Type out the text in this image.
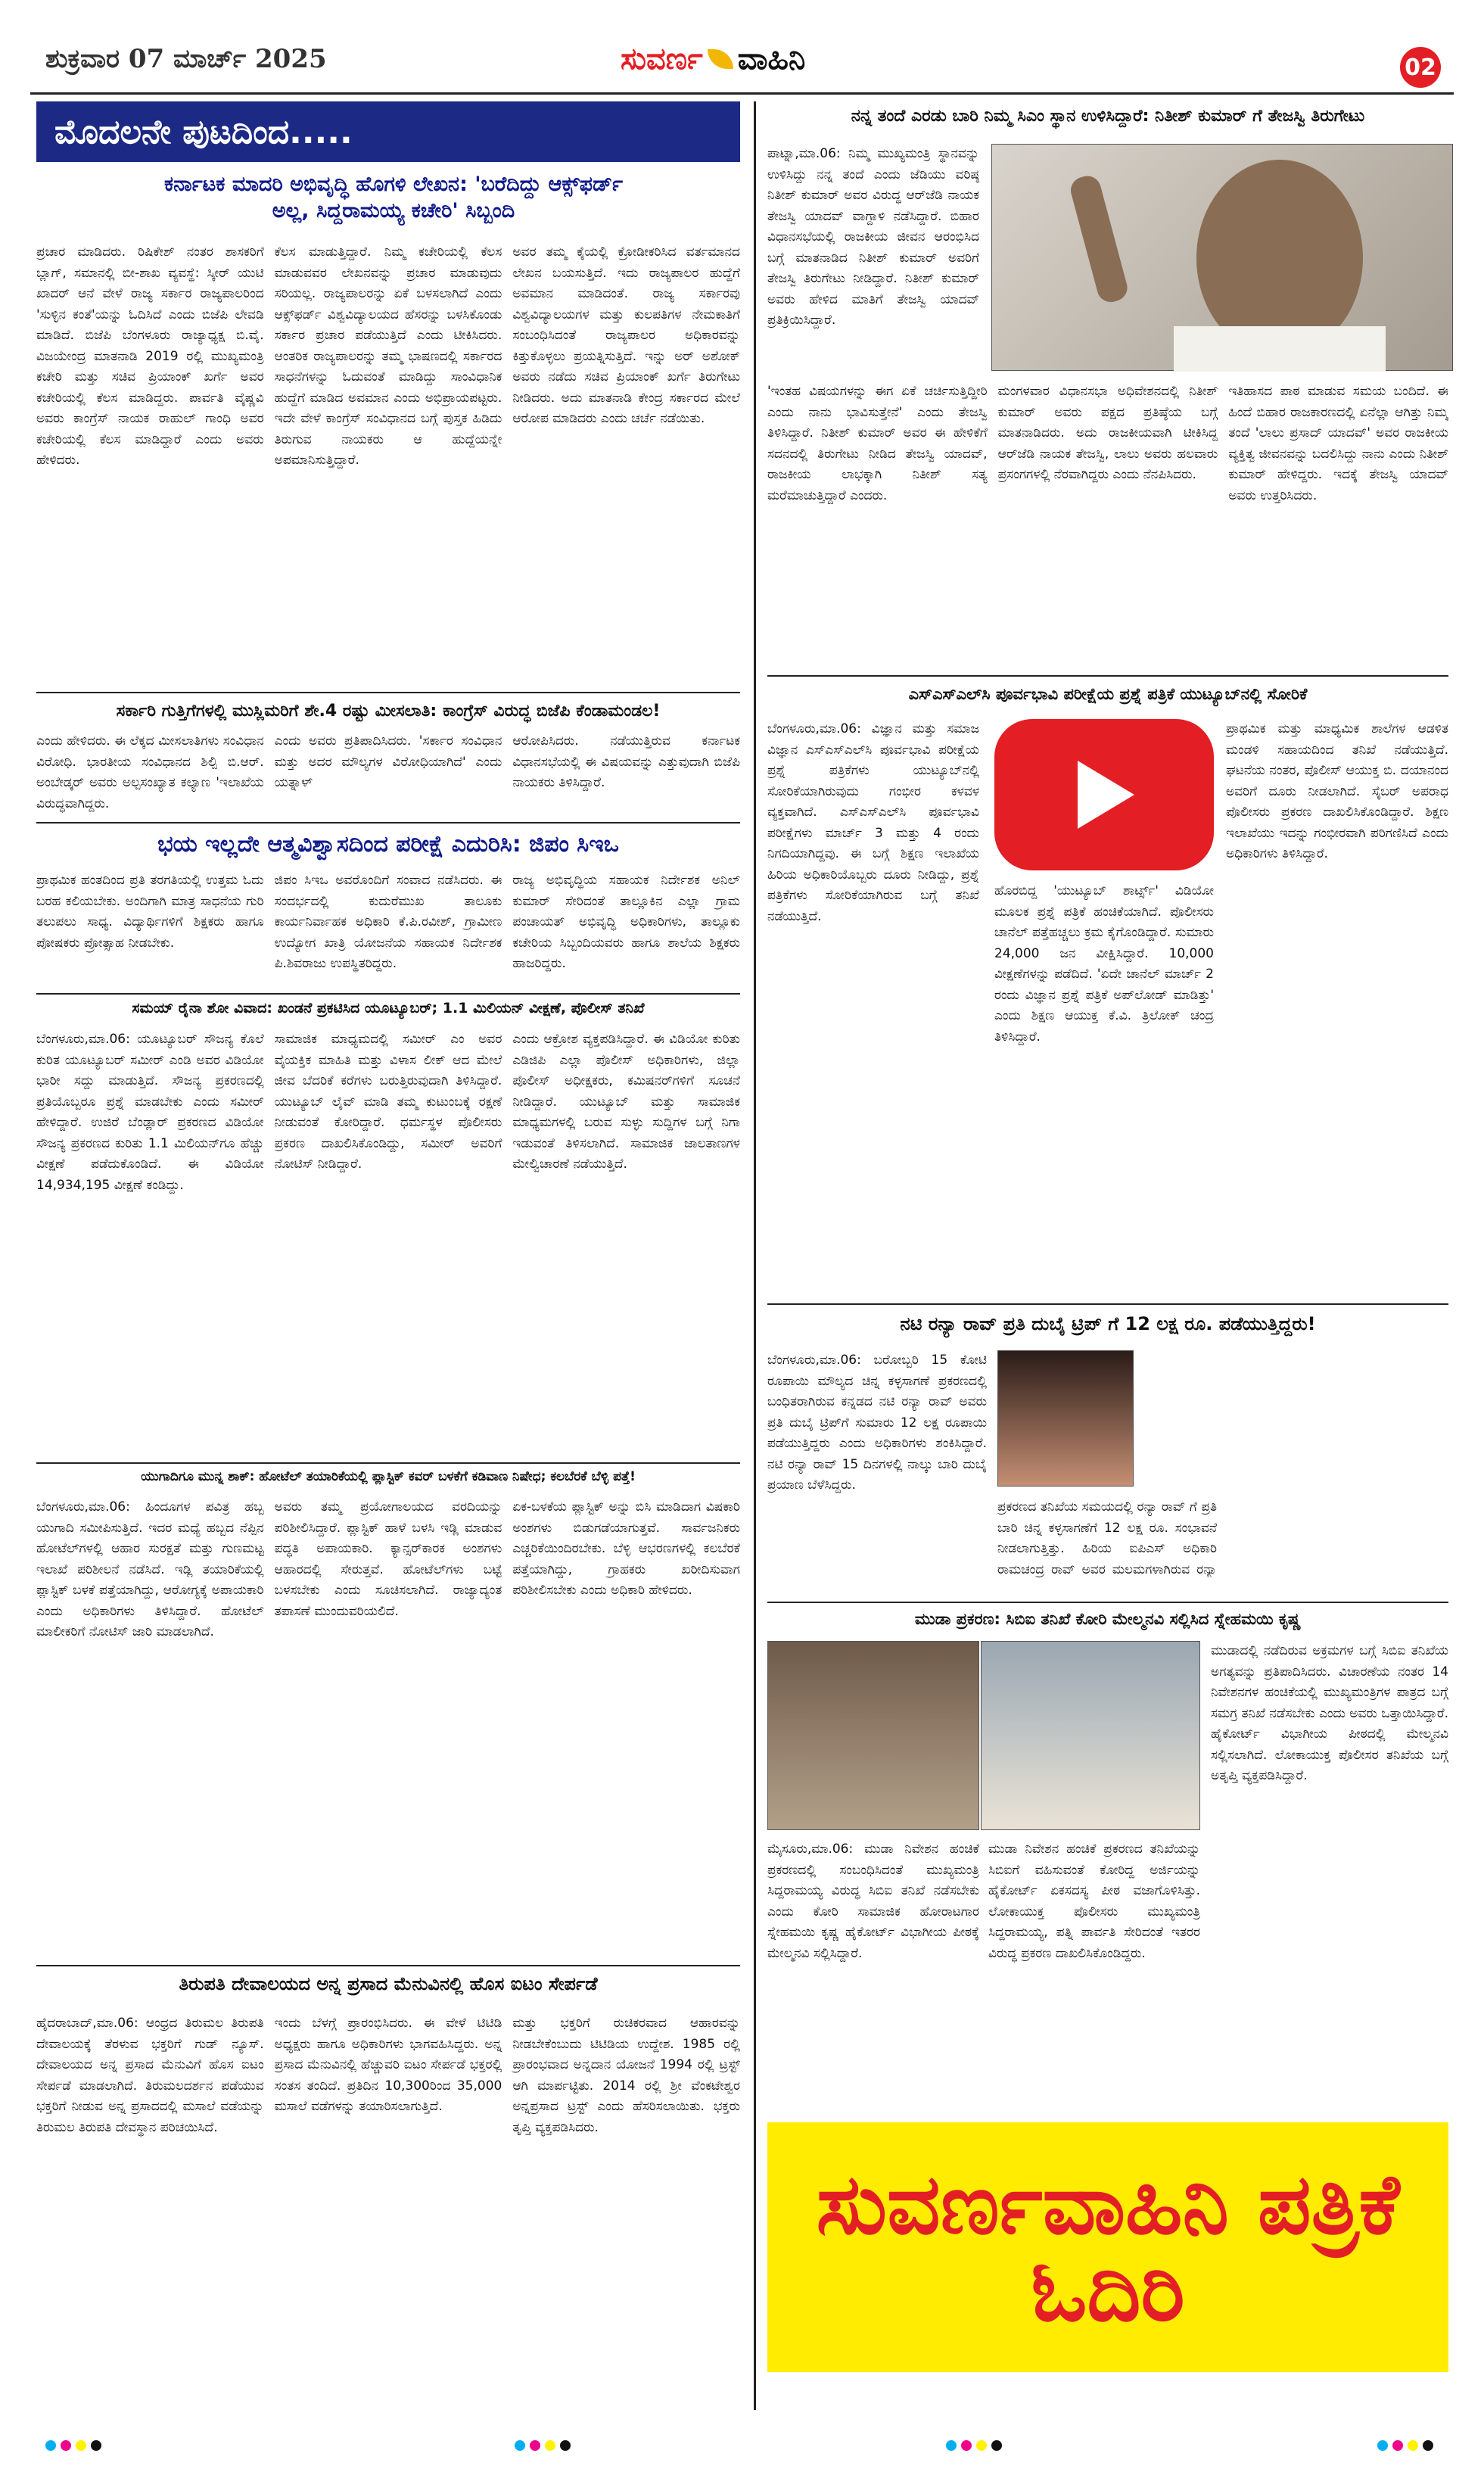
ಶುಕ್ರವಾರ 07 ಮಾರ್ಚ್ 2025	ಸುವರ್ಣ ವಾಹಿನಿ	02
ಮೊದಲನೇ ಪುಟದಿಂದ.....
ಕರ್ನಾಟಕ ಮಾದರಿ ಅಭಿವೃದ್ಧಿ ಹೊಗಳಿ ಲೇಖನ: 'ಬರೆದಿದ್ದು ಆಕ್ಸ್‌ಫರ್ಡ್ ಅಲ್ಲ, ಸಿದ್ದರಾಮಯ್ಯ ಕಚೇರಿ' ಸಿಬ್ಬಂದಿ

ಪ್ರಚಾರ ಮಾಡಿದರು. ರಿಷಿಕೇಶ್ ನಂತರ ಶಾಸಕರಿಗೆ ಬ್ಲಾಗ್, ಸಮಾನಲ್ಲಿ ಬೀ-ಶಾಖ ವ್ಯವಸ್ಥೆ: ಸ್ಕೀರ್ ಯುಟಿ ಖಾದರ್ ಆನೆ ವೇಳೆ ರಾಜ್ಯ ಸರ್ಕಾರ ರಾಜ್ಯಪಾಲರಿಂದ 'ಸುಳ್ಳಿನ ಕಂತೆ'ಯನ್ನು ಓದಿಸಿದೆ ಎಂದು ಬಿಜೆಪಿ ಲೇವಡಿ ಮಾಡಿದೆ. ಬಿಜೆಪಿ ಬೆಂಗಳೂರು ರಾಜ್ಯಾಧ್ಯಕ್ಷ ಬಿ.ವೈ. ವಿಜಯೇಂದ್ರ ಮಾತನಾಡಿ 2019 ರಲ್ಲಿ ಮುಖ್ಯಮಂತ್ರಿ ಕಚೇರಿ ಮತ್ತು ಸಚಿವ ಪ್ರಿಯಾಂಕ್ ಖರ್ಗೆ ಅವರ ಕಚೇರಿಯಲ್ಲಿ ಕೆಲಸ ಮಾಡಿದ್ದರು. ಪಾರ್ವತಿ ವೈಷ್ಣವಿ ಅವರು ಕಾಂಗ್ರೆಸ್ ನಾಯಕ ರಾಹುಲ್ ಗಾಂಧಿ ಅವರ ಕಚೇರಿಯಲ್ಲಿ ಕೆಲಸ ಮಾಡಿದ್ದಾರೆ ಎಂದು ಅವರು ಹೇಳಿದರು.

ಕೆಲಸ ಮಾಡುತ್ತಿದ್ದಾರೆ. ನಿಮ್ಮ ಕಚೇರಿಯಲ್ಲಿ ಕೆಲಸ ಮಾಡುವವರ ಲೇಖನವನ್ನು ಪ್ರಚಾರ ಮಾಡುವುದು ಸರಿಯಲ್ಲ. ರಾಜ್ಯಪಾಲರನ್ನು ಏಕೆ ಬಳಸಲಾಗಿದೆ ಎಂದು ಆಕ್ಸ್‌ಫರ್ಡ್ ವಿಶ್ವವಿದ್ಯಾಲಯದ ಹೆಸರನ್ನು ಬಳಸಿಕೊಂಡು ಸರ್ಕಾರ ಪ್ರಚಾರ ಪಡೆಯುತ್ತಿದೆ ಎಂದು ಟೀಕಿಸಿದರು. ಆಂತರಿಕ ರಾಜ್ಯಪಾಲರನ್ನು ತಮ್ಮ ಭಾಷಣದಲ್ಲಿ ಸರ್ಕಾರದ ಸಾಧನೆಗಳನ್ನು ಓದುವಂತೆ ಮಾಡಿದ್ದು ಸಾಂವಿಧಾನಿಕ ಹುದ್ದೆಗೆ ಮಾಡಿದ ಅವಮಾನ ಎಂದು ಅಭಿಪ್ರಾಯಪಟ್ಟರು. ಇದೇ ವೇಳೆ ಕಾಂಗ್ರೆಸ್ ಸಂವಿಧಾನದ ಬಗ್ಗೆ ಪುಸ್ತಕ ಹಿಡಿದು ತಿರುಗುವ ನಾಯಕರು ಆ ಹುದ್ದೆಯನ್ನೇ ಅಪಮಾನಿಸುತ್ತಿದ್ದಾರೆ.

ಅವರ ತಮ್ಮ ಕೈಯಲ್ಲಿ ಕ್ರೋಡೀಕರಿಸಿದ ವರ್ತಮಾನದ ಲೇಖನ ಬಯಸುತ್ತಿದೆ. ಇದು ರಾಜ್ಯಪಾಲರ ಹುದ್ದೆಗೆ ಅವಮಾನ ಮಾಡಿದಂತೆ. ರಾಜ್ಯ ಸರ್ಕಾರವು ವಿಶ್ವವಿದ್ಯಾಲಯಗಳ ಮತ್ತು ಕುಲಪತಿಗಳ ನೇಮಕಾತಿಗೆ ಸಂಬಂಧಿಸಿದಂತೆ ರಾಜ್ಯಪಾಲರ ಅಧಿಕಾರವನ್ನು ಕಿತ್ತುಕೊಳ್ಳಲು ಪ್ರಯತ್ನಿಸುತ್ತಿದೆ. ಇನ್ನು ಅರ್ ಅಶೋಕ್ ಅವರು ನಡೆದು ಸಚಿವ ಪ್ರಿಯಾಂಕ್ ಖರ್ಗೆ ತಿರುಗೇಟು ನೀಡಿದರು. ಅದು ಮಾತನಾಡಿ ಕೇಂದ್ರ ಸರ್ಕಾರದ ಮೇಲೆ ಆರೋಪ ಮಾಡಿದರು ಎಂದು ಚರ್ಚೆ ನಡೆಯಿತು.

ಸರ್ಕಾರಿ ಗುತ್ತಿಗೆಗಳಲ್ಲಿ ಮುಸ್ಲಿಮರಿಗೆ ಶೇ.4 ರಷ್ಟು ಮೀಸಲಾತಿ: ಕಾಂಗ್ರೆಸ್ ವಿರುದ್ಧ ಬಿಜೆಪಿ ಕೆಂಡಾಮಂಡಲ!

ಎಂದು ಹೇಳಿದರು. ಈ ಲೆಕ್ಕದ ಮೀಸಲಾತಿಗಳು ಸಂವಿಧಾನ ವಿರೋಧಿ. ಭಾರತೀಯ ಸಂವಿಧಾನದ ಶಿಲ್ಪಿ ಬಿ.ಆರ್. ಅಂಬೇಡ್ಕರ್ ಅವರು ಅಲ್ಪಸಂಖ್ಯಾತ ಕಲ್ಯಾಣ 'ಇಲಾಖೆಯ ವಿರುದ್ಧವಾಗಿದ್ದರು.

ಎಂದು ಅವರು ಪ್ರತಿಪಾದಿಸಿದರು. 'ಸರ್ಕಾರ ಸಂವಿಧಾನ ಮತ್ತು ಅದರ ಮೌಲ್ಯಗಳ ವಿರೋಧಿಯಾಗಿದೆ' ಎಂದು ಯತ್ನಾಳ್

ಆರೋಪಿಸಿದರು. ನಡೆಯುತ್ತಿರುವ ಕರ್ನಾಟಕ ವಿಧಾನಸಭೆಯಲ್ಲಿ ಈ ವಿಷಯವನ್ನು ಎತ್ತುವುದಾಗಿ ಬಿಜೆಪಿ ನಾಯಕರು ತಿಳಿಸಿದ್ದಾರೆ.

ಭಯ ಇಲ್ಲದೇ ಆತ್ಮವಿಶ್ವಾಸದಿಂದ ಪರೀಕ್ಷೆ ಎದುರಿಸಿ: ಜಿಪಂ ಸಿಇಒ

ಪ್ರಾಥಮಿಕ ಹಂತದಿಂದ ಪ್ರತಿ ತರಗತಿಯಲ್ಲಿ ಉತ್ತಮ ಓದು ಬರಹ ಕಲಿಯಬೇಕು. ಅಂದಿಗಾಗಿ ಮಾತ್ರ ಸಾಧನೆಯ ಗುರಿ ತಲುಪಲು ಸಾಧ್ಯ. ವಿದ್ಯಾರ್ಥಿಗಳಿಗೆ ಶಿಕ್ಷಕರು ಹಾಗೂ ಪೋಷಕರು ಪ್ರೋತ್ಸಾಹ ನೀಡಬೇಕು.

ಜಿಪಂ ಸಿಇಒ ಅವರೊಂದಿಗೆ ಸಂವಾದ ನಡೆಸಿದರು. ಈ ಸಂದರ್ಭದಲ್ಲಿ ಕುದುರೆಮುಖ ತಾಲೂಕು ಕಾರ್ಯನಿರ್ವಾಹಕ ಅಧಿಕಾರಿ ಕೆ.ಪಿ.ರವೀಶ್, ಗ್ರಾಮೀಣ ಉದ್ಯೋಗ ಖಾತ್ರಿ ಯೋಜನೆಯ ಸಹಾಯಕ ನಿರ್ದೇಶಕ ಪಿ.ಶಿವರಾಜು ಉಪಸ್ಥಿತರಿದ್ದರು.

ರಾಜ್ಯ ಅಭಿವೃದ್ಧಿಯ ಸಹಾಯಕ ನಿರ್ದೇಶಕ ಅನಿಲ್ ಕುಮಾರ್ ಸೇರಿದಂತೆ ತಾಲ್ಲೂಕಿನ ಎಲ್ಲಾ ಗ್ರಾಮ ಪಂಚಾಯತ್ ಅಭಿವೃದ್ಧಿ ಅಧಿಕಾರಿಗಳು, ತಾಲ್ಲೂಕು ಕಚೇರಿಯ ಸಿಬ್ಬಂದಿಯವರು ಹಾಗೂ ಶಾಲೆಯ ಶಿಕ್ಷಕರು ಹಾಜರಿದ್ದರು.

ಸಮಯ್ ರೈನಾ ಶೋ ವಿವಾದ: ಖಂಡನೆ ಪ್ರಕಟಿಸಿದ ಯೂಟ್ಯೂಬರ್; 1.1 ಮಿಲಿಯನ್ ವೀಕ್ಷಣೆ, ಪೊಲೀಸ್ ತನಿಖೆ

ಬೆಂಗಳೂರು,ಮಾ.06: ಯೂಟ್ಯೂಬರ್ ಸೌಜನ್ಯ ಕೊಲೆ ಕುರಿತ ಯೂಟ್ಯೂಬರ್ ಸಮೀರ್ ಎಂಡಿ ಅವರ ವಿಡಿಯೋ ಭಾರೀ ಸದ್ದು ಮಾಡುತ್ತಿದೆ. ಸೌಜನ್ಯ ಪ್ರಕರಣದಲ್ಲಿ ಪ್ರತಿಯೊಬ್ಬರೂ ಪ್ರಶ್ನೆ ಮಾಡಬೇಕು ಎಂದು ಸಮೀರ್ ಹೇಳಿದ್ದಾರೆ. ಉಜಿರೆ ಬೆಂಡ್ಲಾರ್ ಪ್ರಕರಣದ ವಿಡಿಯೋ ಸೌಜನ್ಯ ಪ್ರಕರಣದ ಕುರಿತು 1.1 ಮಿಲಿಯನ್‌ಗೂ ಹೆಚ್ಚು ವೀಕ್ಷಣೆ ಪಡೆದುಕೊಂಡಿದೆ. ಈ ವಿಡಿಯೋ 14,934,195 ವೀಕ್ಷಣೆ ಕಂಡಿದ್ದು.

ಸಾಮಾಜಿಕ ಮಾಧ್ಯಮದಲ್ಲಿ ಸಮೀರ್ ಎಂ ಅವರ ವೈಯಕ್ತಿಕ ಮಾಹಿತಿ ಮತ್ತು ವಿಳಾಸ ಲೀಕ್ ಆದ ಮೇಲೆ ಜೀವ ಬೆದರಿಕೆ ಕರೆಗಳು ಬರುತ್ತಿರುವುದಾಗಿ ತಿಳಿಸಿದ್ದಾರೆ. ಯುಟ್ಯೂಬ್ ಲೈವ್ ಮಾಡಿ ತಮ್ಮ ಕುಟುಂಬಕ್ಕೆ ರಕ್ಷಣೆ ನೀಡುವಂತೆ ಕೋರಿದ್ದಾರೆ. ಧರ್ಮಸ್ಥಳ ಪೊಲೀಸರು ಪ್ರಕರಣ ದಾಖಲಿಸಿಕೊಂಡಿದ್ದು, ಸಮೀರ್ ಅವರಿಗೆ ನೋಟಿಸ್ ನೀಡಿದ್ದಾರೆ.

ಎಂದು ಆಕ್ರೋಶ ವ್ಯಕ್ತಪಡಿಸಿದ್ದಾರೆ. ಈ ವಿಡಿಯೋ ಕುರಿತು ಎಡಿಜಿಪಿ ಎಲ್ಲಾ ಪೊಲೀಸ್ ಅಧಿಕಾರಿಗಳು, ಜಿಲ್ಲಾ ಪೊಲೀಸ್ ಅಧೀಕ್ಷಕರು, ಕಮಿಷನರ್‌ಗಳಿಗೆ ಸೂಚನೆ ನೀಡಿದ್ದಾರೆ. ಯುಟ್ಯೂಬ್ ಮತ್ತು ಸಾಮಾಜಿಕ ಮಾಧ್ಯಮಗಳಲ್ಲಿ ಬರುವ ಸುಳ್ಳು ಸುದ್ದಿಗಳ ಬಗ್ಗೆ ನಿಗಾ ಇಡುವಂತೆ ತಿಳಿಸಲಾಗಿದೆ. ಸಾಮಾಜಿಕ ಜಾಲತಾಣಗಳ ಮೇಲ್ವಿಚಾರಣೆ ನಡೆಯುತ್ತಿದೆ.

ಯುಗಾದಿಗೂ ಮುನ್ನ ಶಾಕ್: ಹೋಟೆಲ್ ತಯಾರಿಕೆಯಲ್ಲಿ ಪ್ಲಾಸ್ಟಿಕ್ ಕವರ್ ಬಳಕೆಗೆ ಕಡಿವಾಣ ನಿಷೇಧ; ಕಲಬೆರಕೆ ಬೆಳ್ಳಿ ಪತ್ತೆ!

ಬೆಂಗಳೂರು,ಮಾ.06: ಹಿಂದೂಗಳ ಪವಿತ್ರ ಹಬ್ಬ ಯುಗಾದಿ ಸಮೀಪಿಸುತ್ತಿದೆ. ಇದರ ಮಧ್ಯೆ ಹಬ್ಬದ ನೆಪ್ಪಿನ ಹೋಟೆಲ್‌ಗಳಲ್ಲಿ ಆಹಾರ ಸುರಕ್ಷತೆ ಮತ್ತು ಗುಣಮಟ್ಟ ಇಲಾಖೆ ಪರಿಶೀಲನೆ ನಡೆಸಿದೆ. ಇಡ್ಲಿ ತಯಾರಿಕೆಯಲ್ಲಿ ಪ್ಲಾಸ್ಟಿಕ್ ಬಳಕೆ ಪತ್ತೆಯಾಗಿದ್ದು, ಆರೋಗ್ಯಕ್ಕೆ ಅಪಾಯಕಾರಿ ಎಂದು ಅಧಿಕಾರಿಗಳು ತಿಳಿಸಿದ್ದಾರೆ. ಹೋಟೆಲ್ ಮಾಲೀಕರಿಗೆ ನೋಟಿಸ್ ಜಾರಿ ಮಾಡಲಾಗಿದೆ.

ಅವರು ತಮ್ಮ ಪ್ರಯೋಗಾಲಯದ ವರದಿಯನ್ನು ಪರಿಶೀಲಿಸಿದ್ದಾರೆ. ಪ್ಲಾಸ್ಟಿಕ್ ಹಾಳೆ ಬಳಸಿ ಇಡ್ಲಿ ಮಾಡುವ ಪದ್ಧತಿ ಅಪಾಯಕಾರಿ. ಕ್ಯಾನ್ಸರ್‌ಕಾರಕ ಅಂಶಗಳು ಆಹಾರದಲ್ಲಿ ಸೇರುತ್ತವೆ. ಹೋಟೆಲ್‌ಗಳು ಬಟ್ಟೆ ಬಳಸಬೇಕು ಎಂದು ಸೂಚಿಸಲಾಗಿದೆ. ರಾಜ್ಯಾದ್ಯಂತ ತಪಾಸಣೆ ಮುಂದುವರಿಯಲಿದೆ.

ಏಕ-ಬಳಕೆಯ ಪ್ಲಾಸ್ಟಿಕ್ ಅನ್ನು ಬಿಸಿ ಮಾಡಿದಾಗ ವಿಷಕಾರಿ ಅಂಶಗಳು ಬಿಡುಗಡೆಯಾಗುತ್ತವೆ. ಸಾರ್ವಜನಿಕರು ಎಚ್ಚರಿಕೆಯಿಂದಿರಬೇಕು. ಬೆಳ್ಳಿ ಆಭರಣಗಳಲ್ಲಿ ಕಲಬೆರಕೆ ಪತ್ತೆಯಾಗಿದ್ದು, ಗ್ರಾಹಕರು ಖರೀದಿಸುವಾಗ ಪರಿಶೀಲಿಸಬೇಕು ಎಂದು ಅಧಿಕಾರಿ ಹೇಳಿದರು.

ತಿರುಪತಿ ದೇವಾಲಯದ ಅನ್ನ ಪ್ರಸಾದ ಮೆನುವಿನಲ್ಲಿ ಹೊಸ ಐಟಂ ಸೇರ್ಪಡೆ

ಹೈದರಾಬಾದ್,ಮಾ.06: ಆಂಧ್ರದ ತಿರುಮಲ ತಿರುಪತಿ ದೇವಾಲಯಕ್ಕೆ ತೆರಳುವ ಭಕ್ತರಿಗೆ ಗುಡ್ ನ್ಯೂಸ್. ದೇವಾಲಯದ ಅನ್ನ ಪ್ರಸಾದ ಮೆನುವಿಗೆ ಹೊಸ ಐಟಂ ಸೇರ್ಪಡೆ ಮಾಡಲಾಗಿದೆ. ತಿರುಮಲದರ್ಶನ ಪಡೆಯುವ ಭಕ್ತರಿಗೆ ನೀಡುವ ಅನ್ನ ಪ್ರಸಾದದಲ್ಲಿ ಮಸಾಲೆ ವಡೆಯನ್ನು ತಿರುಮಲ ತಿರುಪತಿ ದೇವಸ್ಥಾನ ಪರಿಚಯಿಸಿದೆ.

ಇಂದು ಬೆಳಗ್ಗೆ ಪ್ರಾರಂಭಿಸಿದರು. ಈ ವೇಳೆ ಟಿಟಿಡಿ ಅಧ್ಯಕ್ಷರು ಹಾಗೂ ಅಧಿಕಾರಿಗಳು ಭಾಗವಹಿಸಿದ್ದರು. ಅನ್ನ ಪ್ರಸಾದ ಮೆನುವಿನಲ್ಲಿ ಹೆಚ್ಚುವರಿ ಐಟಂ ಸೇರ್ಪಡೆ ಭಕ್ತರಲ್ಲಿ ಸಂತಸ ತಂದಿದೆ. ಪ್ರತಿದಿನ 10,300ರಿಂದ 35,000 ಮಸಾಲೆ ವಡೆಗಳನ್ನು ತಯಾರಿಸಲಾಗುತ್ತಿದೆ.

ಮತ್ತು ಭಕ್ತರಿಗೆ ರುಚಿಕರವಾದ ಆಹಾರವನ್ನು ನೀಡಬೇಕೆಂಬುದು ಟಿಟಿಡಿಯ ಉದ್ದೇಶ. 1985 ರಲ್ಲಿ ಪ್ರಾರಂಭವಾದ ಅನ್ನದಾನ ಯೋಜನೆ 1994 ರಲ್ಲಿ ಟ್ರಸ್ಟ್ ಆಗಿ ಮಾರ್ಪಟ್ಟಿತು. 2014 ರಲ್ಲಿ ಶ್ರೀ ವೆಂಕಟೇಶ್ವರ ಅನ್ನಪ್ರಸಾದ ಟ್ರಸ್ಟ್ ಎಂದು ಹೆಸರಿಸಲಾಯಿತು. ಭಕ್ತರು ತೃಪ್ತಿ ವ್ಯಕ್ತಪಡಿಸಿದರು.

ನನ್ನ ತಂದೆ ಎರಡು ಬಾರಿ ನಿಮ್ಮ ಸಿಎಂ ಸ್ಥಾನ ಉಳಿಸಿದ್ದಾರೆ: ನಿತೀಶ್ ಕುಮಾರ್ ಗೆ ತೇಜಸ್ವಿ ತಿರುಗೇಟು

ಪಾಟ್ನಾ,ಮಾ.06: ನಿಮ್ಮ ಮುಖ್ಯಮಂತ್ರಿ ಸ್ಥಾನವನ್ನು ಉಳಿಸಿದ್ದು ನನ್ನ ತಂದೆ ಎಂದು ಜೆಡಿಯು ವರಿಷ್ಠ ನಿತೀಶ್ ಕುಮಾರ್ ಅವರ ವಿರುದ್ಧ ಆರ್‌ಜೆಡಿ ನಾಯಕ ತೇಜಸ್ವಿ ಯಾದವ್ ವಾಗ್ದಾಳಿ ನಡೆಸಿದ್ದಾರೆ. ಬಿಹಾರ ವಿಧಾನಸಭೆಯಲ್ಲಿ ರಾಜಕೀಯ ಜೀವನ ಆರಂಭಿಸಿದ ಬಗ್ಗೆ ಮಾತನಾಡಿದ ನಿತೀಶ್ ಕುಮಾರ್ ಅವರಿಗೆ ತೇಜಸ್ವಿ ತಿರುಗೇಟು ನೀಡಿದ್ದಾರೆ. ನಿತೀಶ್ ಕುಮಾರ್ ಅವರು ಹೇಳಿದ ಮಾತಿಗೆ ತೇಜಸ್ವಿ ಯಾದವ್ ಪ್ರತಿಕ್ರಿಯಿಸಿದ್ದಾರೆ.

'ಇಂತಹ ವಿಷಯಗಳನ್ನು ಈಗ ಏಕೆ ಚರ್ಚಿಸುತ್ತಿದ್ದೀರಿ ಎಂದು ನಾನು ಭಾವಿಸುತ್ತೇನೆ' ಎಂದು ತೇಜಸ್ವಿ ತಿಳಿಸಿದ್ದಾರೆ. ನಿತೀಶ್ ಕುಮಾರ್ ಅವರ ಈ ಹೇಳಿಕೆಗೆ ಸದನದಲ್ಲಿ ತಿರುಗೇಟು ನೀಡಿದ ತೇಜಸ್ವಿ ಯಾದವ್, ರಾಜಕೀಯ ಲಾಭಕ್ಕಾಗಿ ನಿತೀಶ್ ಸತ್ಯ ಮರೆಮಾಚುತ್ತಿದ್ದಾರೆ ಎಂದರು.

ಮಂಗಳವಾರ ವಿಧಾನಸಭಾ ಅಧಿವೇಶನದಲ್ಲಿ ನಿತೀಶ್ ಕುಮಾರ್ ಅವರು ಪಕ್ಷದ ಪ್ರತಿಷ್ಠೆಯ ಬಗ್ಗೆ ಮಾತನಾಡಿದರು. ಅದು ರಾಜಕೀಯವಾಗಿ ಟೀಕಿಸಿದ್ದ ಆರ್‌ಜೆಡಿ ನಾಯಕ ತೇಜಸ್ವಿ, ಲಾಲು ಅವರು ಹಲವಾರು ಪ್ರಸಂಗಗಳಲ್ಲಿ ನೆರವಾಗಿದ್ದರು ಎಂದು ನೆನಪಿಸಿದರು.

ಇತಿಹಾಸದ ಪಾಠ ಮಾಡುವ ಸಮಯ ಬಂದಿದೆ. ಈ ಹಿಂದೆ ಬಿಹಾರ ರಾಜಕಾರಣದಲ್ಲಿ ಏನೆಲ್ಲಾ ಆಗಿತ್ತು ನಿಮ್ಮ ತಂದೆ 'ಲಾಲು ಪ್ರಸಾದ್ ಯಾದವ್' ಅವರ ರಾಜಕೀಯ ವ್ಯಕ್ತಿತ್ವ ಜೀವನವನ್ನು ಬದಲಿಸಿದ್ದು ನಾನು ಎಂದು ನಿತೀಶ್ ಕುಮಾರ್ ಹೇಳಿದ್ದರು. ಇದಕ್ಕೆ ತೇಜಸ್ವಿ ಯಾದವ್ ಅವರು ಉತ್ತರಿಸಿದರು.

ಎಸ್ಎಸ್ಎಲ್‌ಸಿ ಪೂರ್ವಭಾವಿ ಪರೀಕ್ಷೆಯ ಪ್ರಶ್ನೆ ಪತ್ರಿಕೆ ಯುಟ್ಯೂಬ್‌ನಲ್ಲಿ ಸೋರಿಕೆ

ಬೆಂಗಳೂರು,ಮಾ.06: ವಿಜ್ಞಾನ ಮತ್ತು ಸಮಾಜ ವಿಜ್ಞಾನ ಎಸ್ಎಸ್ಎಲ್‌ಸಿ ಪೂರ್ವಭಾವಿ ಪರೀಕ್ಷೆಯ ಪ್ರಶ್ನೆ ಪತ್ರಿಕೆಗಳು ಯುಟ್ಯೂಬ್‌ನಲ್ಲಿ ಸೋರಿಕೆಯಾಗಿರುವುದು ಗಂಭೀರ ಕಳವಳ ವ್ಯಕ್ತವಾಗಿದೆ. ಎಸ್ಎಸ್ಎಲ್‌ಸಿ ಪೂರ್ವಭಾವಿ ಪರೀಕ್ಷೆಗಳು ಮಾರ್ಚ್ 3 ಮತ್ತು 4 ರಂದು ನಿಗದಿಯಾಗಿದ್ದವು. ಈ ಬಗ್ಗೆ ಶಿಕ್ಷಣ ಇಲಾಖೆಯ ಹಿರಿಯ ಅಧಿಕಾರಿಯೊಬ್ಬರು ದೂರು ನೀಡಿದ್ದು, ಪ್ರಶ್ನೆ ಪತ್ರಿಕೆಗಳು ಸೋರಿಕೆಯಾಗಿರುವ ಬಗ್ಗೆ ತನಿಖೆ ನಡೆಯುತ್ತಿದೆ.

ಹೊರಬಿದ್ದ 'ಯುಟ್ಯೂಬ್ ಶಾರ್ಟ್ಸ್' ವಿಡಿಯೋ ಮೂಲಕ ಪ್ರಶ್ನೆ ಪತ್ರಿಕೆ ಹಂಚಿಕೆಯಾಗಿದೆ. ಪೊಲೀಸರು ಚಾನೆಲ್ ಪತ್ತೆಹಚ್ಚಲು ಕ್ರಮ ಕೈಗೊಂಡಿದ್ದಾರೆ. ಸುಮಾರು 24,000 ಜನ ವೀಕ್ಷಿಸಿದ್ದಾರೆ. 10,000 ವೀಕ್ಷಣೆಗಳನ್ನು ಪಡೆದಿದೆ. 'ಏದೇ ಚಾನೆಲ್ ಮಾರ್ಚ್ 2 ರಂದು ವಿಜ್ಞಾನ ಪ್ರಶ್ನೆ ಪತ್ರಿಕೆ ಅಪ್‌ಲೋಡ್ ಮಾಡಿತ್ತು' ಎಂದು ಶಿಕ್ಷಣ ಆಯುಕ್ತ ಕೆ.ವಿ. ತ್ರಿಲೋಕ್ ಚಂದ್ರ ತಿಳಿಸಿದ್ದಾರೆ.

ಪ್ರಾಥಮಿಕ ಮತ್ತು ಮಾಧ್ಯಮಿಕ ಶಾಲೆಗಳ ಆಡಳಿತ ಮಂಡಳಿ ಸಹಾಯದಿಂದ ತನಿಖೆ ನಡೆಯುತ್ತಿದೆ. ಘಟನೆಯ ನಂತರ, ಪೊಲೀಸ್ ಆಯುಕ್ತ ಬಿ. ದಯಾನಂದ ಅವರಿಗೆ ದೂರು ನೀಡಲಾಗಿದೆ. ಸೈಬರ್ ಅಪರಾಧ ಪೊಲೀಸರು ಪ್ರಕರಣ ದಾಖಲಿಸಿಕೊಂಡಿದ್ದಾರೆ. ಶಿಕ್ಷಣ ಇಲಾಖೆಯು ಇದನ್ನು ಗಂಭೀರವಾಗಿ ಪರಿಗಣಿಸಿದೆ ಎಂದು ಅಧಿಕಾರಿಗಳು ತಿಳಿಸಿದ್ದಾರೆ.

ನಟಿ ರನ್ಯಾ ರಾವ್ ಪ್ರತಿ ದುಬೈ ಟ್ರಿಪ್ ಗೆ 12 ಲಕ್ಷ ರೂ. ಪಡೆಯುತ್ತಿದ್ದರು!

ಬೆಂಗಳೂರು,ಮಾ.06: ಬರೋಬ್ಬರಿ 15 ಕೋಟಿ ರೂಪಾಯಿ ಮೌಲ್ಯದ ಚಿನ್ನ ಕಳ್ಳಸಾಗಣೆ ಪ್ರಕರಣದಲ್ಲಿ ಬಂಧಿತರಾಗಿರುವ ಕನ್ನಡದ ನಟಿ ರನ್ಯಾ ರಾವ್ ಅವರು ಪ್ರತಿ ದುಬೈ ಟ್ರಿಪ್‌ಗೆ ಸುಮಾರು 12 ಲಕ್ಷ ರೂಪಾಯಿ ಪಡೆಯುತ್ತಿದ್ದರು ಎಂದು ಅಧಿಕಾರಿಗಳು ಶಂಕಿಸಿದ್ದಾರೆ. ನಟಿ ರನ್ಯಾ ರಾವ್ 15 ದಿನಗಳಲ್ಲಿ ನಾಲ್ಕು ಬಾರಿ ದುಬೈ ಪ್ರಯಾಣ ಬೆಳೆಸಿದ್ದರು.

ಪ್ರಕರಣದ ತನಿಖೆಯ ಸಮಯದಲ್ಲಿ ರನ್ಯಾ ರಾವ್ ಗೆ ಪ್ರತಿ ಬಾರಿ ಚಿನ್ನ ಕಳ್ಳಸಾಗಣೆಗೆ 12 ಲಕ್ಷ ರೂ. ಸಂಭಾವನೆ ನೀಡಲಾಗುತ್ತಿತ್ತು. ಹಿರಿಯ ಐಪಿಎಸ್ ಅಧಿಕಾರಿ ರಾಮಚಂದ್ರ ರಾವ್ ಅವರ ಮಲಮಗಳಾಗಿರುವ ರನ್ಯಾ

ಮುಡಾ ಪ್ರಕರಣ: ಸಿಬಿಐ ತನಿಖೆ ಕೋರಿ ಮೇಲ್ಮನವಿ ಸಲ್ಲಿಸಿದ ಸ್ನೇಹಮಯಿ ಕೃಷ್ಣ

ಮುಡಾದಲ್ಲಿ ನಡೆದಿರುವ ಅಕ್ರಮಗಳ ಬಗ್ಗೆ ಸಿಬಿಐ ತನಿಖೆಯ ಅಗತ್ಯವನ್ನು ಪ್ರತಿಪಾದಿಸಿದರು. ವಿಚಾರಣೆಯ ನಂತರ 14 ನಿವೇಶನಗಳ ಹಂಚಿಕೆಯಲ್ಲಿ ಮುಖ್ಯಮಂತ್ರಿಗಳ ಪಾತ್ರದ ಬಗ್ಗೆ ಸಮಗ್ರ ತನಿಖೆ ನಡೆಸಬೇಕು ಎಂದು ಅವರು ಒತ್ತಾಯಿಸಿದ್ದಾರೆ. ಹೈಕೋರ್ಟ್ ವಿಭಾಗೀಯ ಪೀಠದಲ್ಲಿ ಮೇಲ್ಮನವಿ ಸಲ್ಲಿಸಲಾಗಿದೆ. ಲೋಕಾಯುಕ್ತ ಪೊಲೀಸರ ತನಿಖೆಯ ಬಗ್ಗೆ ಅತೃಪ್ತಿ ವ್ಯಕ್ತಪಡಿಸಿದ್ದಾರೆ.

ಮೈಸೂರು,ಮಾ.06: ಮುಡಾ ನಿವೇಶನ ಹಂಚಿಕೆ ಪ್ರಕರಣದಲ್ಲಿ ಸಂಬಂಧಿಸಿದಂತೆ ಮುಖ್ಯಮಂತ್ರಿ ಸಿದ್ದರಾಮಯ್ಯ ವಿರುದ್ಧ ಸಿಬಿಐ ತನಿಖೆ ನಡೆಸಬೇಕು ಎಂದು ಕೋರಿ ಸಾಮಾಜಿಕ ಹೋರಾಟಗಾರ ಸ್ನೇಹಮಯಿ ಕೃಷ್ಣ ಹೈಕೋರ್ಟ್ ವಿಭಾಗೀಯ ಪೀಠಕ್ಕೆ ಮೇಲ್ಮನವಿ ಸಲ್ಲಿಸಿದ್ದಾರೆ.

ಮುಡಾ ನಿವೇಶನ ಹಂಚಿಕೆ ಪ್ರಕರಣದ ತನಿಖೆಯನ್ನು ಸಿಬಿಐಗೆ ವಹಿಸುವಂತೆ ಕೋರಿದ್ದ ಅರ್ಜಿಯನ್ನು ಹೈಕೋರ್ಟ್ ಏಕಸದಸ್ಯ ಪೀಠ ವಜಾಗೊಳಿಸಿತ್ತು. ಲೋಕಾಯುಕ್ತ ಪೊಲೀಸರು ಮುಖ್ಯಮಂತ್ರಿ ಸಿದ್ದರಾಮಯ್ಯ, ಪತ್ನಿ ಪಾರ್ವತಿ ಸೇರಿದಂತೆ ಇತರರ ವಿರುದ್ಧ ಪ್ರಕರಣ ದಾಖಲಿಸಿಕೊಂಡಿದ್ದರು.

ಸುವರ್ಣವಾಹಿನಿ ಪತ್ರಿಕೆ ಓದಿರಿ
